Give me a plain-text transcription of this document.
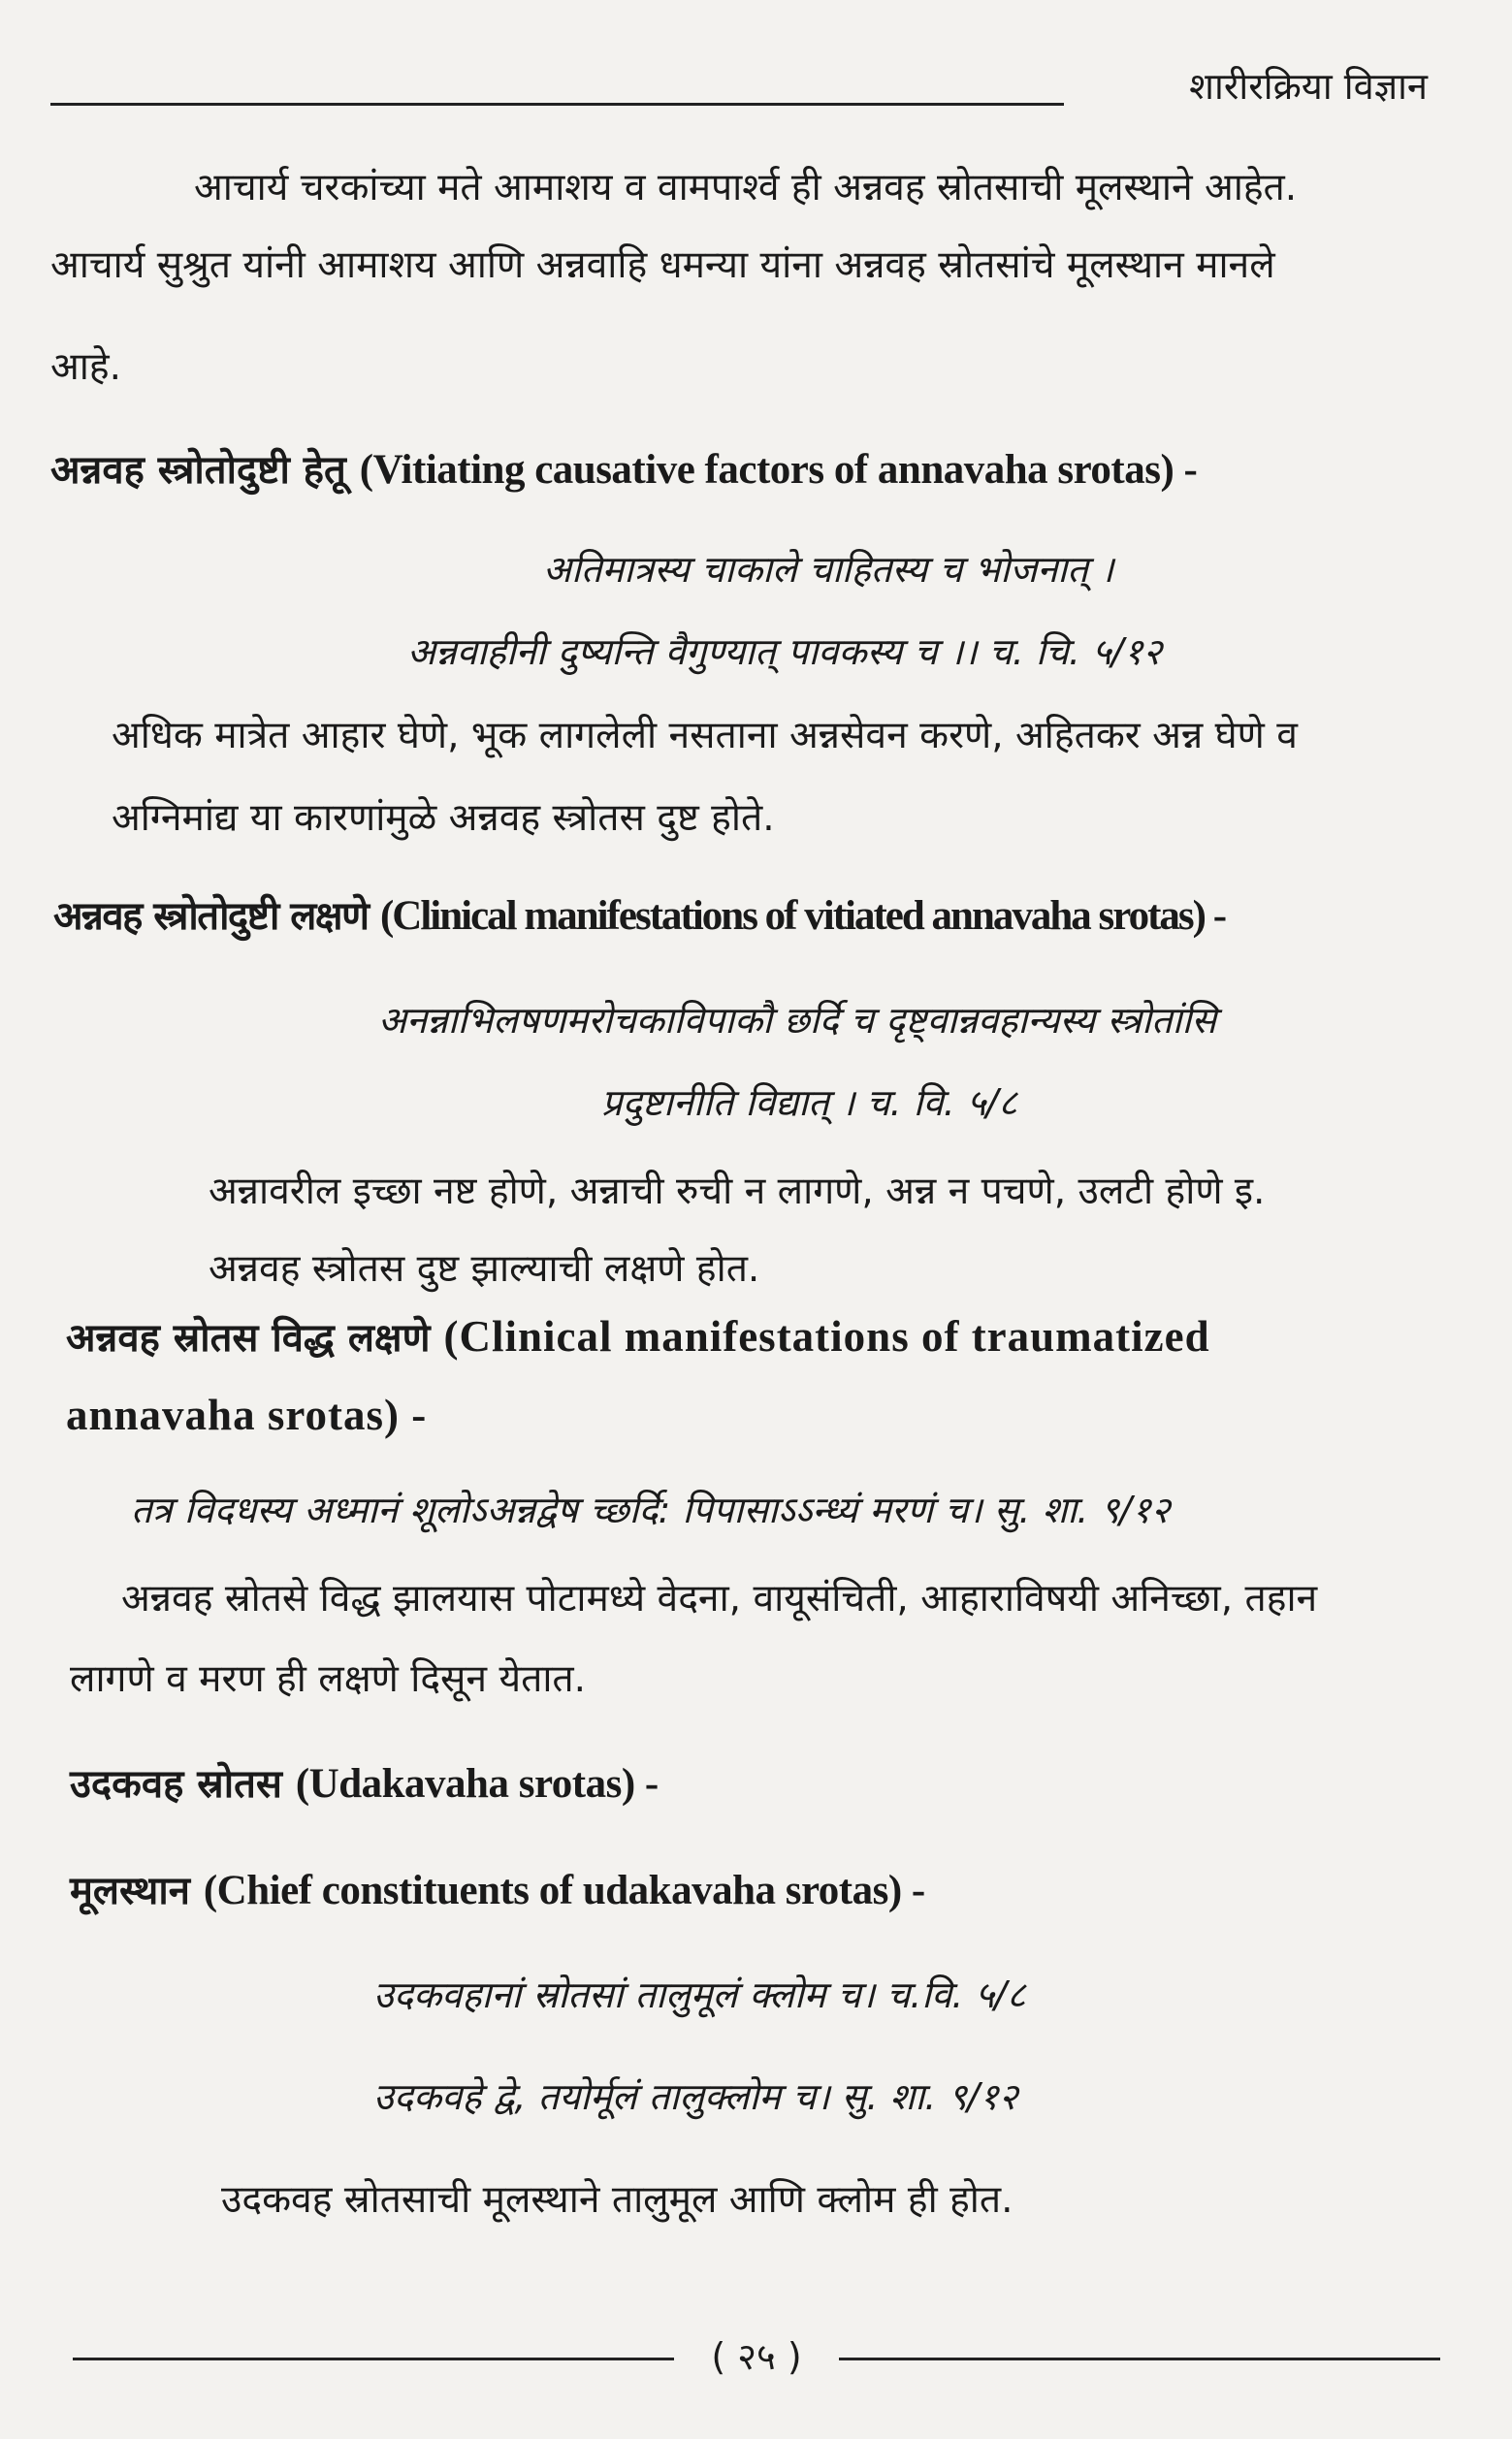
शारीरक्रिया विज्ञान
आचार्य चरकांच्या मते आमाशय व वामपार्श्व ही अन्नवह स्रोतसाची मूलस्थाने आहेत.
आचार्य सुश्रुत यांनी आमाशय आणि अन्नवाहि धमन्या यांना अन्नवह स्रोतसांचे मूलस्थान मानले
आहे.
अन्नवह स्त्रोतोदुष्टी हेतू (Vitiating causative factors of annavaha srotas) -
अतिमात्रस्य चाकाले चाहितस्य च भोजनात् ।
अन्नवाहीनी दुष्यन्ति वैगुण्यात् पावकस्य च ।। च. चि. ५/१२
अधिक मात्रेत आहार घेणे, भूक लागलेली नसताना अन्नसेवन करणे, अहितकर अन्न घेणे व
अग्निमांद्य या कारणांमुळे अन्नवह स्त्रोतस दुष्ट होते.
अन्नवह स्त्रोतोदुष्टी लक्षणे (Clinical manifestations of vitiated annavaha srotas) -
अनन्नाभिलषणमरोचकाविपाकौ छर्दि च दृष्ट्वान्नवहान्यस्य स्त्रोतांसि
प्रदुष्टानीति विद्यात् । च. वि. ५/८
अन्नावरील इच्छा नष्ट होणे, अन्नाची रुची न लागणे, अन्न न पचणे, उलटी होणे इ.
अन्नवह स्त्रोतस दुष्ट झाल्याची लक्षणे होत.
अन्नवह स्रोतस विद्ध लक्षणे (Clinical manifestations of traumatized
annavaha srotas) -
तत्र विदधस्य अध्मानं शूलोऽअन्नद्वेष च्छर्दि: पिपासाऽऽन्ध्यं मरणं च। सु. शा. ९/१२
अन्नवह स्रोतसे विद्ध झालयास पोटामध्ये वेदना, वायूसंचिती, आहाराविषयी अनिच्छा, तहान
लागणे व मरण ही लक्षणे दिसून येतात.
उदकवह स्रोतस (Udakavaha srotas) -
मूलस्थान (Chief constituents of udakavaha srotas) -
उदकवहानां स्रोतसां तालुमूलं क्लोम च। च.वि. ५/८
उदकवहे द्वे, तयोर्मूलं तालुक्लोम च। सु. शा. ९/१२
उदकवह स्रोतसाची मूलस्थाने तालुमूल आणि क्लोम ही होत.
( २५ )
